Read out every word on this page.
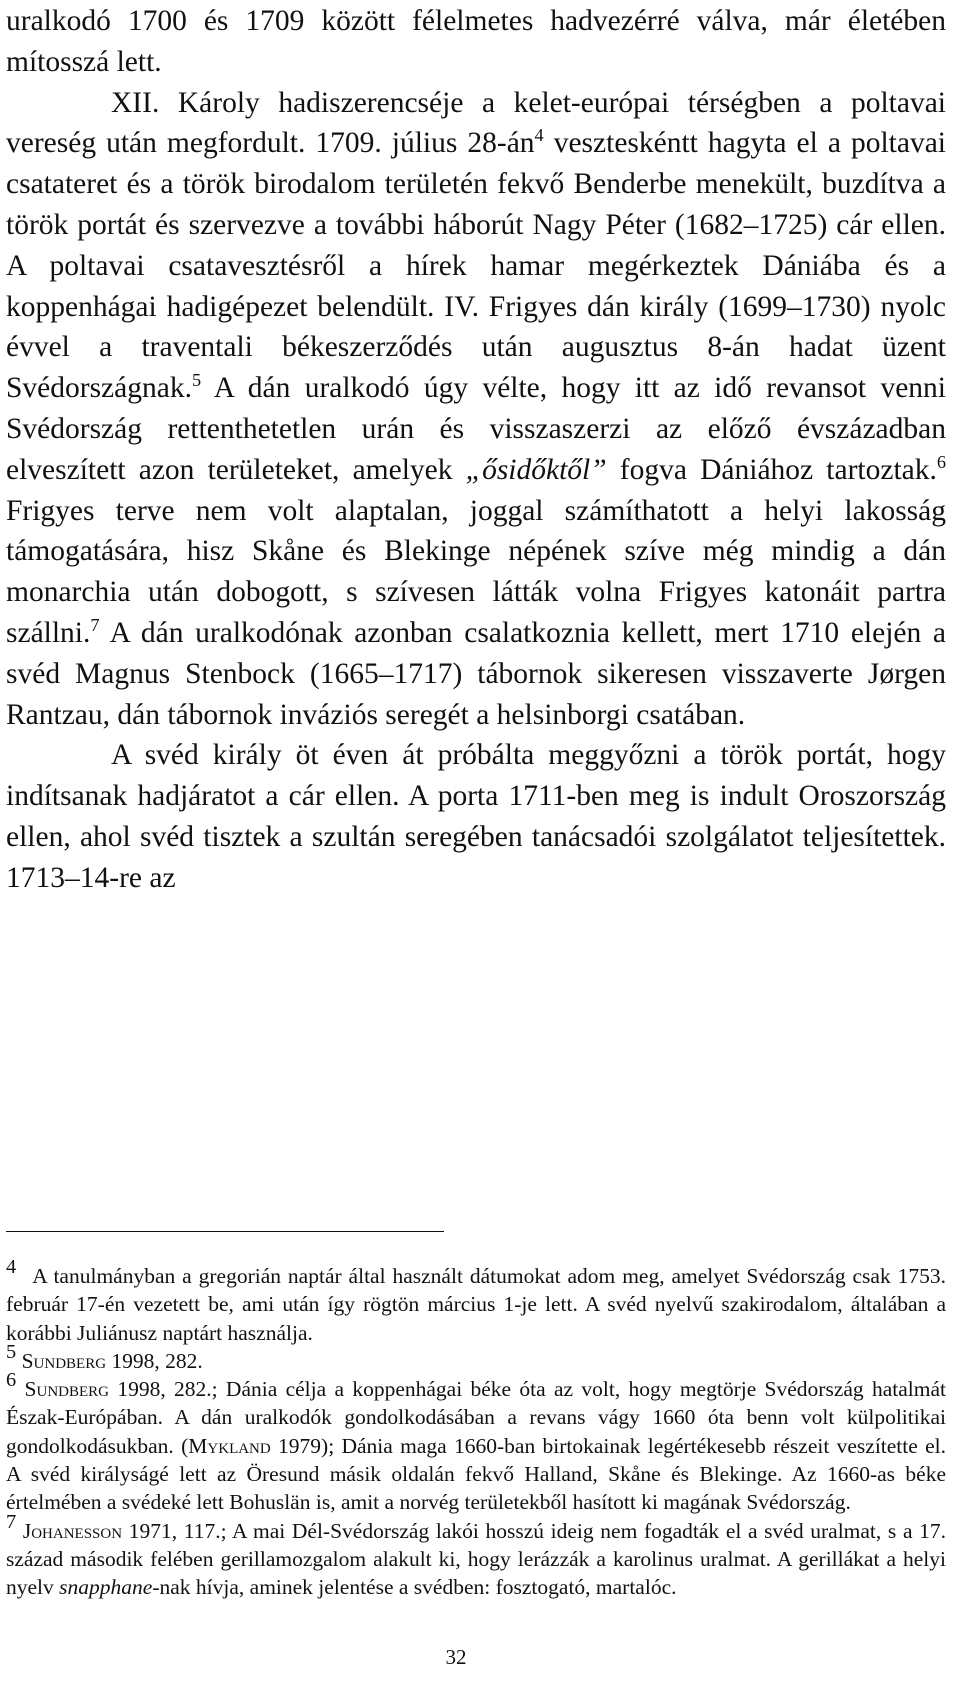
uralkodó 1700 és 1709 között félelmetes hadvezérré válva, már életében mítosszá lett.

XII. Károly hadiszerencséje a kelet-európai térségben a poltavai vereség után megfordult. 1709. július $28-án^4$ veszteskéntt hagyta el a poltavai csatateret és a török birodalom területén fekvő Benderbe menekült, buzdítva a török portát és szervezve a további háborút Nagy Péter (1682–1725) cár ellen. A poltavai csatavesztésről a hírek hamar megérkeztek Dániába és a koppenhágai hadigépezet belendült. IV. Frigyes dán király (1699–1730) nyolc évvel a traventali békeszerződés után augusztus 8-án hadat üzent Svédországnak.$^5$ A dán uralkodó úgy vélte, hogy itt az idő revansot venni Svédország rettenthetetlen urán és visszaszerzi az előző évszázadban elveszített azon területeket, amelyek „ősidőktől” fogva Dániához tartoztak.$^6$ Frigyes terve nem volt alaptalan, joggal számíthatott a helyi lakosság támogatására, hisz Skåne és Blekinge népének szíve még mindig a dán monarchia után dobogott, s szívesen látták volna Frigyes katonáit partra szállni.$^7$ A dán uralkodónak azonban csalatkoznia kellett, mert 1710 elején a svéd Magnus Stenbock (1665–1717) tábornok sikeresen visszaverte Jørgen Rantzau, dán tábornok inváziós seregét a helsinborgi csatában.

A svéd király öt éven át próbálta meggyőzni a török portát, hogy indítsanak hadjáratot a cár ellen. A porta 1711-ben meg is indult Oroszország ellen, ahol svéd tisztek a szultán seregében tanácsadói szolgálatot teljesítettek. 1713–14-re az

$^4$ A tanulmányban a gregorián naptár által használt dátumokat adom meg, amelyet Svédország csak 1753. február 17-én vezetett be, ami után így rögtön március 1-je lett. A svéd nyelvű szakirodalom, általában a korábbi Juliánusz naptárt használja.

$^5$ Sundberg 1998, 282.

$^6$ Sundberg 1998, 282.; Dánia célja a koppenhágai béke óta az volt, hogy megtörje Svédország hatalmát Észak-Európában. A dán uralkodók gondolkodásában a revans vágy 1660 óta benn volt külpolitikai gondolkodásukban. (Mykland 1979); Dánia maga 1660-ban birtokainak legértékesebb részeit veszítette el. A svéd királyságé lett az Öresund másik oldalán fekvő Halland, Skåne és Blekinge. Az 1660-as béke értelmében a svédeké lett Bohuslän is, amit a norvég területekből hasított ki magának Svédország.

$^7$ Johanesson 1971, 117.; A mai Dél-Svédország lakói hosszú ideig nem fogadták el a svéd uralmat, s a 17. század második felében gerillamozgalom alakult ki, hogy lerázzák a karolinus uralmat. A gerillákat a helyi nyelv snapphane-nak hívja, aminek jelentése a svédben: fosztogató, martalóc.

32
